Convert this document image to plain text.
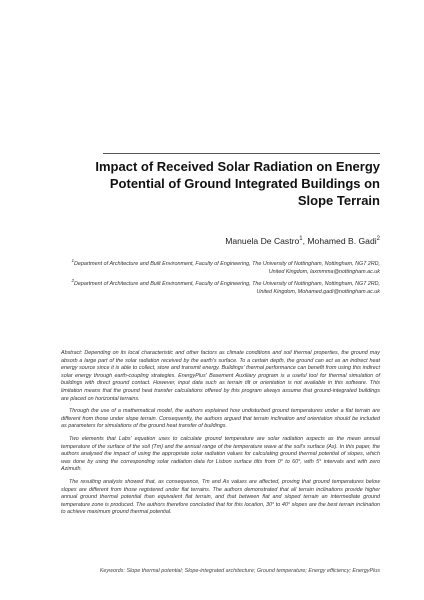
Impact of Received Solar Radiation on Energy Potential of Ground Integrated Buildings on Slope Terrain
Manuela De Castro$^1$, Mohamed B. Gadi$^2$
$^1$Department of Architecture and Built Environment, Faculty of Engineering, The University of Nottingham, Nottingham, NG7 2RD, United Kingdom, laxmmma@nottingham.ac.uk
$^2$Department of Architecture and Built Environment, Faculty of Engineering, The University of Nottingham, Nottingham, NG7 2RD, United Kingdom, Mohamed.gadi@nottingham.ac.uk

Abstract: Depending on its local characteristic and other factors as climate conditions and soil thermal properties, the ground may absorb a large part of the solar radiation received by the earth's surface. To a certain depth, the ground can act as an indirect heat energy source since it is able to collect, store and transmit energy. Buildings' thermal performance can benefit from using this indirect solar energy through earth-coupling strategies. EnergyPlus' Basement Auxiliary program is a useful tool for thermal simulation of buildings with direct ground contact. However, input data such as terrain tilt or orientation is not available in this software. This limitation means that the ground heat transfer calculations offered by this program always assume that ground-integrated buildings are placed on horizontal terrains.

Through the use of a mathematical model, the authors explained how undisturbed ground temperatures under a flat terrain are different from those under slope terrain. Consequently, the authors argued that terrain inclination and orientation should be included as parameters for simulations of the ground heat transfer of buildings.

Two elements that Labs' equation uses to calculate ground temperature are solar radiation aspects as the mean annual temperature of the surface of the soil (Tm) and the annual range of the temperature wave at the soil's surface (As). In this paper, the authors analysed the impact of using the appropriate solar radiation values for calculating ground thermal potential of slopes, which was done by using the corresponding solar radiation data for Lisbon surface tilts from 0° to 60°, with 5° intervals and with zero Azimuth.

The resulting analysis showed that, as consequence, Tm and As values are affected, proving that ground temperatures below slopes are different from those registered under flat terrains. The authors demonstrated that all terrain inclinations provide higher annual ground thermal potential than equivalent flat terrain, and that between flat and sloped terrain an intermediate ground temperature zone is produced. The authors therefore concluded that for this location, 30° to 40° slopes are the best terrain inclination to achieve maximum ground thermal potential.

Keywords: Slope thermal potential; Slope-integrated architecture; Ground temperature; Energy efficiency; EnergyPlus
